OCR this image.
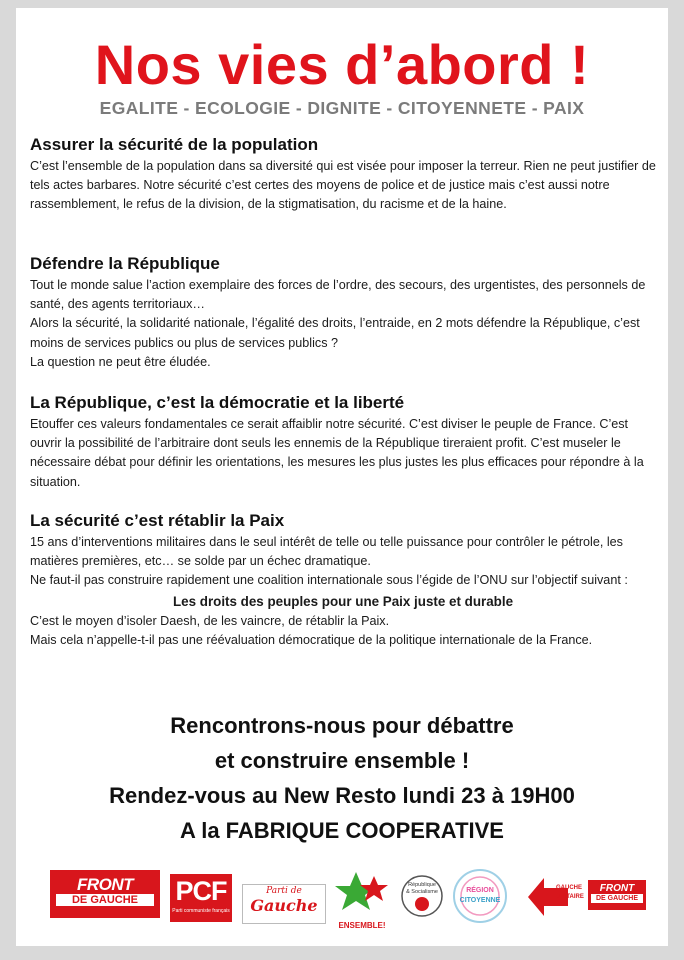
Nos vies d’abord !
EGALITE - ECOLOGIE - DIGNITE - CITOYENNETE - PAIX
Assurer la sécurité de la population
C’est l’ensemble de la population dans sa diversité qui est visée pour imposer la terreur. Rien ne peut justifier de tels actes barbares. Notre sécurité c’est certes des moyens de police et de justice mais c’est aussi notre rassemblement, le refus de la division, de la stigmatisation, du racisme et de la haine.
Défendre la République
Tout le monde salue l’action exemplaire des forces de l’ordre, des secours, des urgentistes, des personnels de santé, des agents territoriaux…
Alors la sécurité, la solidarité nationale, l’égalité des droits, l’entraide, en 2 mots défendre la République, c’est moins de services publics ou plus de services publics ?
La question ne peut être éludée.
La République, c’est la démocratie et la liberté
Etouffer ces valeurs fondamentales ce serait affaiblir notre sécurité. C’est diviser le peuple de France. C’est ouvrir la possibilité de l’arbitraire dont seuls les ennemis de la République tireraient profit. C’est museler le nécessaire débat pour définir les orientations, les mesures les plus justes les plus efficaces pour répondre à la situation.
La sécurité c’est rétablir la Paix
15 ans d’interventions militaires dans le seul intérêt de telle ou telle puissance pour contrôler le pétrole, les matières premières, etc… se solde par un échec dramatique.
Ne faut-il pas construire rapidement une coalition internationale sous l’égide de l’ONU sur l’objectif suivant :
Les droits des peuples pour une Paix juste et durable
C’est le moyen d’isoler Daesh, de les vaincre, de rétablir la Paix.
Mais cela n’appelle-t-il pas une réévaluation démocratique de la politique internationale de la France.
Rencontrons-nous pour débattre
et construire ensemble !
Rendez-vous au New Resto lundi 23 à 19H00
A la FABRIQUE COOPERATIVE
FRONT
DE GAUCHE	PCF
Parti communiste français
Parti de
Gauche
ENSEMBLE!
République
& Socialisme	RÉGION
CITOYENNE
GAUCHE
UNITAIRE
FRONT
DE GAUCHE
